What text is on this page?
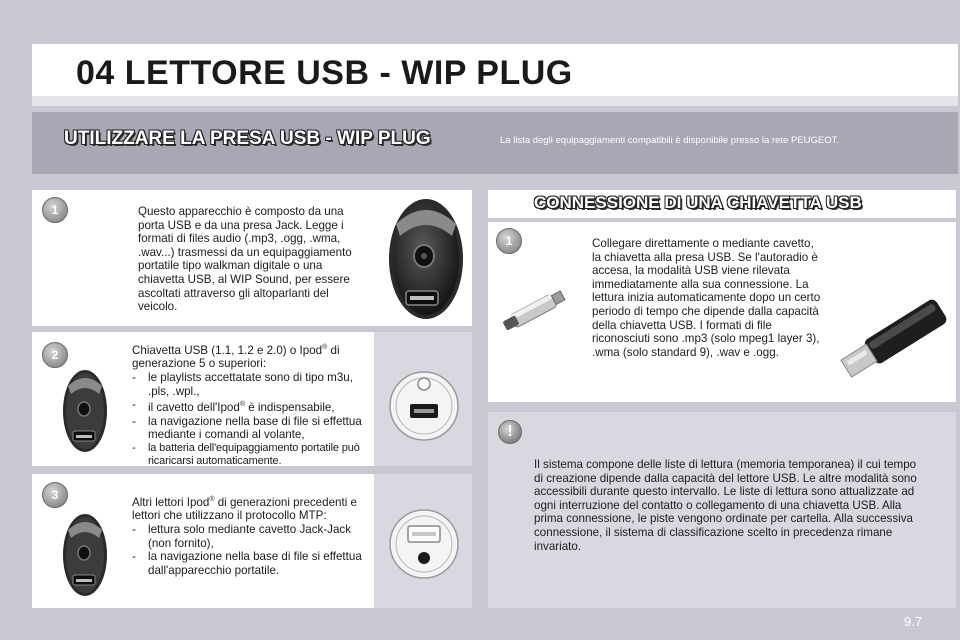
04 LETTORE USB - WIP PLUG
UTILIZZARE LA PRESA USB - WIP PLUG	La lista degli equipaggiamenti compatibili è disponibile presso la rete PEUGEOT.
1	Questo apparecchio è composto da una porta USB e da una presa Jack. Legge i formati di files audio (.mp3, .ogg, .wma, .wav...) trasmessi da un equipaggiamento portatile tipo walkman digitale o una chiavetta USB, al WIP Sound, per essere ascoltati attraverso gli altoparlanti del veicolo.
2	Chiavetta USB (1.1, 1.2 e 2.0) o Ipod® di generazione 5 o superiori:

- le playlists accettatate sono di tipo m3u, .pls, .wpl.,
- il cavetto dell'Ipod® è indispensabile,
- la navigazione nella base di file si effettua mediante i comandi al volante,
- la batteria dell'equipaggiamento portatile può ricaricarsi automaticamente.
3

Altri lettori Ipod® di generazioni precedenti e lettori che utilizzano il protocollo MTP:

- lettura solo mediante cavetto Jack-Jack (non fornito),
- la navigazione nella base di file si effettua dall'apparecchio portatile.
CONNESSIONE DI UNA CHIAVETTA USB
1	Collegare direttamente o mediante cavetto, la chiavetta alla presa USB. Se l'autoradio è accesa, la modalità USB viene rilevata immediatamente alla sua connessione. La lettura inizia automaticamente dopo un certo periodo di tempo che dipende dalla capacità della chiavetta USB. I formati di file riconosciuti sono .mp3 (solo mpeg1 layer 3), .wma (solo standard 9), .wav e .ogg.
!
Il sistema compone delle liste di lettura (memoria temporanea) il cui tempo di creazione dipende dalla capacità del lettore USB. Le altre modalità sono accessibili durante questo intervallo. Le liste di lettura sono attualizzate ad ogni interruzione del contatto o collegamento di una chiavetta USB. Alla prima connessione, le piste vengono ordinate per cartella. Alla successiva connessione, il sistema di classificazione scelto in precedenza rimane invariato.
9.7
